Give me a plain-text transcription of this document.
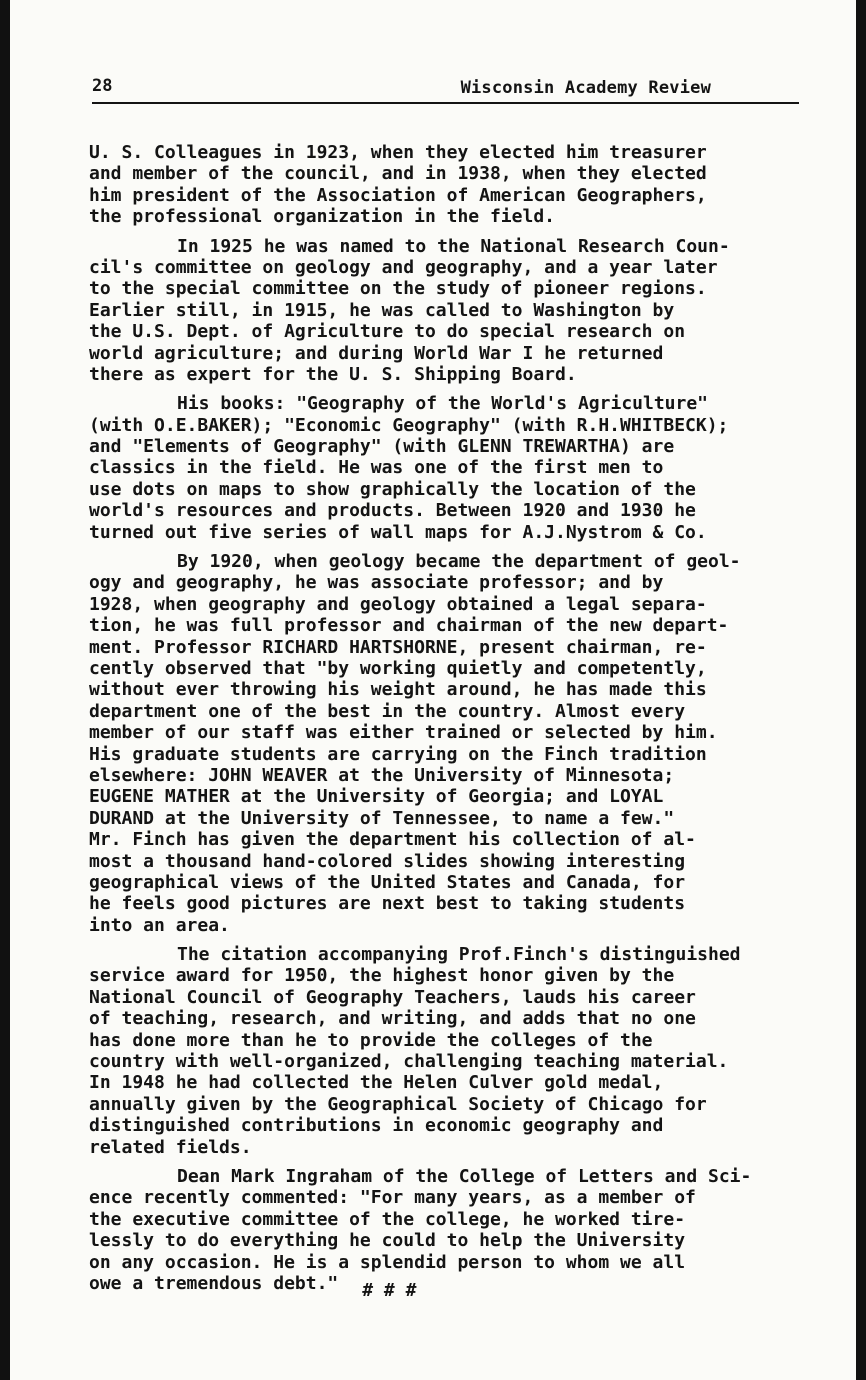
28	Wisconsin Academy Review
U. S. Colleagues in 1923, when they elected him treasurer
and member of the council, and in 1938, when they elected
him president of the Association of American Geographers,
the professional organization in the field.
In 1925 he was named to the National Research Coun-
cil's committee on geology and geography, and a year later
to the special committee on the study of pioneer regions.
Earlier still, in 1915, he was called to Washington by
the U.S. Dept. of Agriculture to do special research on
world agriculture; and during World War I he returned
there as expert for the U. S. Shipping Board.
His books: "Geography of the World's Agriculture"
(with O.E.BAKER); "Economic Geography" (with R.H.WHITBECK);
and "Elements of Geography" (with GLENN TREWARTHA) are
classics in the field. He was one of the first men to
use dots on maps to show graphically the location of the
world's resources and products. Between 1920 and 1930 he
turned out five series of wall maps for A.J.Nystrom & Co.
By 1920, when geology became the department of geol-
ogy and geography, he was associate professor; and by
1928, when geography and geology obtained a legal separa-
tion, he was full professor and chairman of the new depart-
ment. Professor RICHARD HARTSHORNE, present chairman, re-
cently observed that "by working quietly and competently,
without ever throwing his weight around, he has made this
department one of the best in the country. Almost every
member of our staff was either trained or selected by him.
His graduate students are carrying on the Finch tradition
elsewhere: JOHN WEAVER at the University of Minnesota;
EUGENE MATHER at the University of Georgia; and LOYAL
DURAND at the University of Tennessee, to name a few."
Mr. Finch has given the department his collection of al-
most a thousand hand-colored slides showing interesting
geographical views of the United States and Canada, for
he feels good pictures are next best to taking students
into an area.
The citation accompanying Prof.Finch's distinguished
service award for 1950, the highest honor given by the
National Council of Geography Teachers, lauds his career
of teaching, research, and writing, and adds that no one
has done more than he to provide the colleges of the
country with well-organized, challenging teaching material.
In 1948 he had collected the Helen Culver gold medal,
annually given by the Geographical Society of Chicago for
distinguished contributions in economic geography and
related fields.
Dean Mark Ingraham of the College of Letters and Sci-
ence recently commented: "For many years, as a member of
the executive committee of the college, he worked tire-
lessly to do everything he could to help the University
on any occasion. He is a splendid person to whom we all
owe a tremendous debt." # # #
